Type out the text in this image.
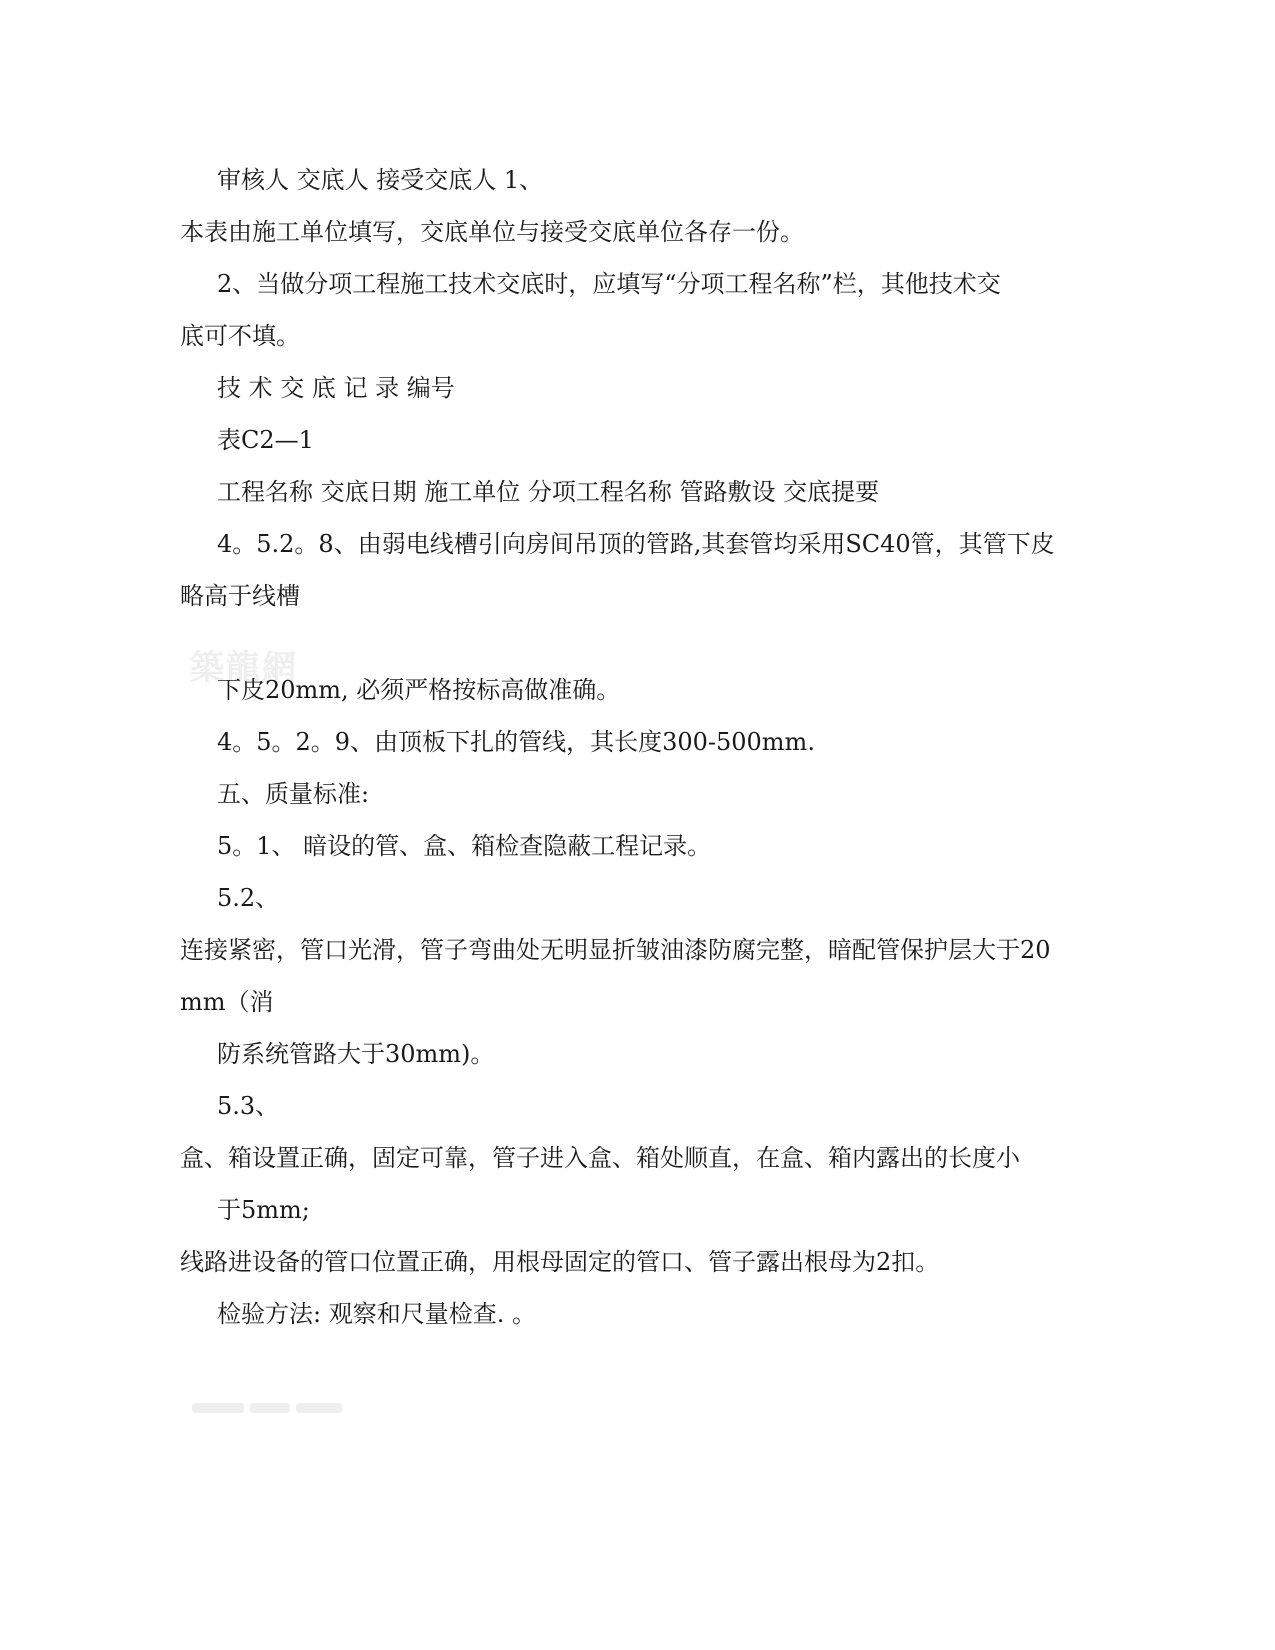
築龍網

审核人 交底人 接受交底人 1、

本表由施工单位填写，交底单位与接受交底单位各存一份。

2、当做分项工程施工技术交底时，应填写“分项工程名称”栏，其他技术交

底可不填。

技 术 交 底 记 录 编号

表C2—1

工程名称 交底日期 施工单位 分项工程名称 管路敷设 交底提要

4。5.2。8、由弱电线槽引向房间吊顶的管路,其套管均采用SC40管，其管下皮

略高于线槽

下皮20mm, 必须严格按标高做准确。

4。5。2。9、由顶板下扎的管线，其长度300-500mm.

五、质量标准:

5。1、 暗设的管、盒、箱检查隐蔽工程记录。

5.2、

连接紧密，管口光滑，管子弯曲处无明显折皱油漆防腐完整，暗配管保护层大于20

mm（消

防系统管路大于30mm)。

5.3、

盒、箱设置正确，固定可靠，管子进入盒、箱处顺直，在盒、箱内露出的长度小

于5mm;

线路进设备的管口位置正确，用根母固定的管口、管子露出根母为2扣。

检验方法: 观察和尺量检查. 。
